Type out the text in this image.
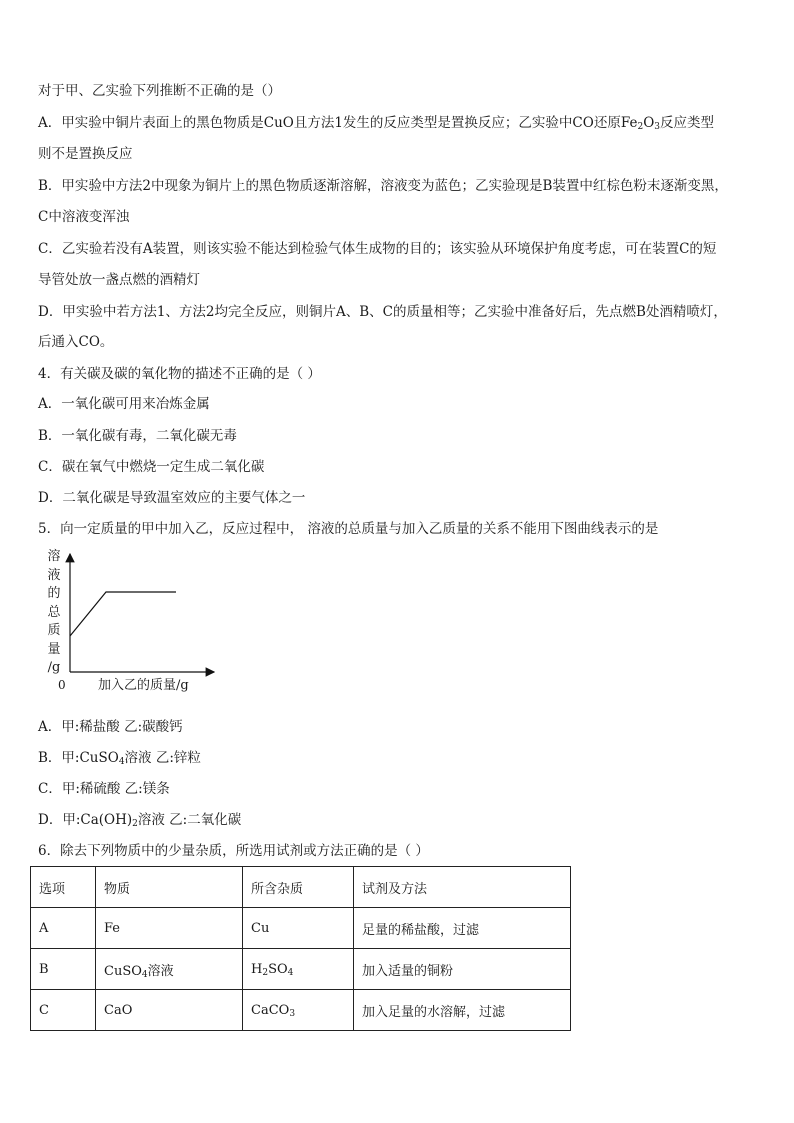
对于甲、乙实验下列推断不正确的是（）
A．甲实验中铜片表面上的黑色物质是CuO且方法1发生的反应类型是置换反应；乙实验中CO还原$Fe_2O_3$反应类型
则不是置换反应
B．甲实验中方法2中现象为铜片上的黑色物质逐渐溶解，溶液变为蓝色；乙实验现是B装置中红棕色粉末逐渐变黑，
C中溶液变浑浊
C．乙实验若没有A装置，则该实验不能达到检验气体生成物的目的；该实验从环境保护角度考虑，可在装置C的短
导管处放一盏点燃的酒精灯
D．甲实验中若方法1、方法2均完全反应，则铜片A、B、C的质量相等；乙实验中准备好后，先点燃B处酒精喷灯，
后通入CO。
4．有关碳及碳的氧化物的描述不正确的是（ ）
A．一氧化碳可用来冶炼金属
B．一氧化碳有毒，二氧化碳无毒
C．碳在氧气中燃烧一定生成二氧化碳
D．二氧化碳是导致温室效应的主要气体之一
5．向一定质量的甲中加入乙，反应过程中， 溶液的总质量与加入乙质量的关系不能用下图曲线表示的是
溶
液
的
总
质
量
/g
0 加入乙的质量/g
A．甲:稀盐酸 乙:碳酸钙
B．甲:CuSO$_4$溶液 乙:锌粒
C．甲:稀硫酸 乙:镁条
D．甲$:Ca(OH)_2$溶液 乙:二氧化碳
6．除去下列物质中的少量杂质，所选用试剂或方法正确的是（ ）
选项	物质	所含杂质	试剂及方法
A	Fe	Cu	足量的稀盐酸，过滤
B	CuSO$_4$溶液	$H_2SO_4$	加入适量的铜粉
C	CaO	CaCO$_3$	加入足量的水溶解，过滤
